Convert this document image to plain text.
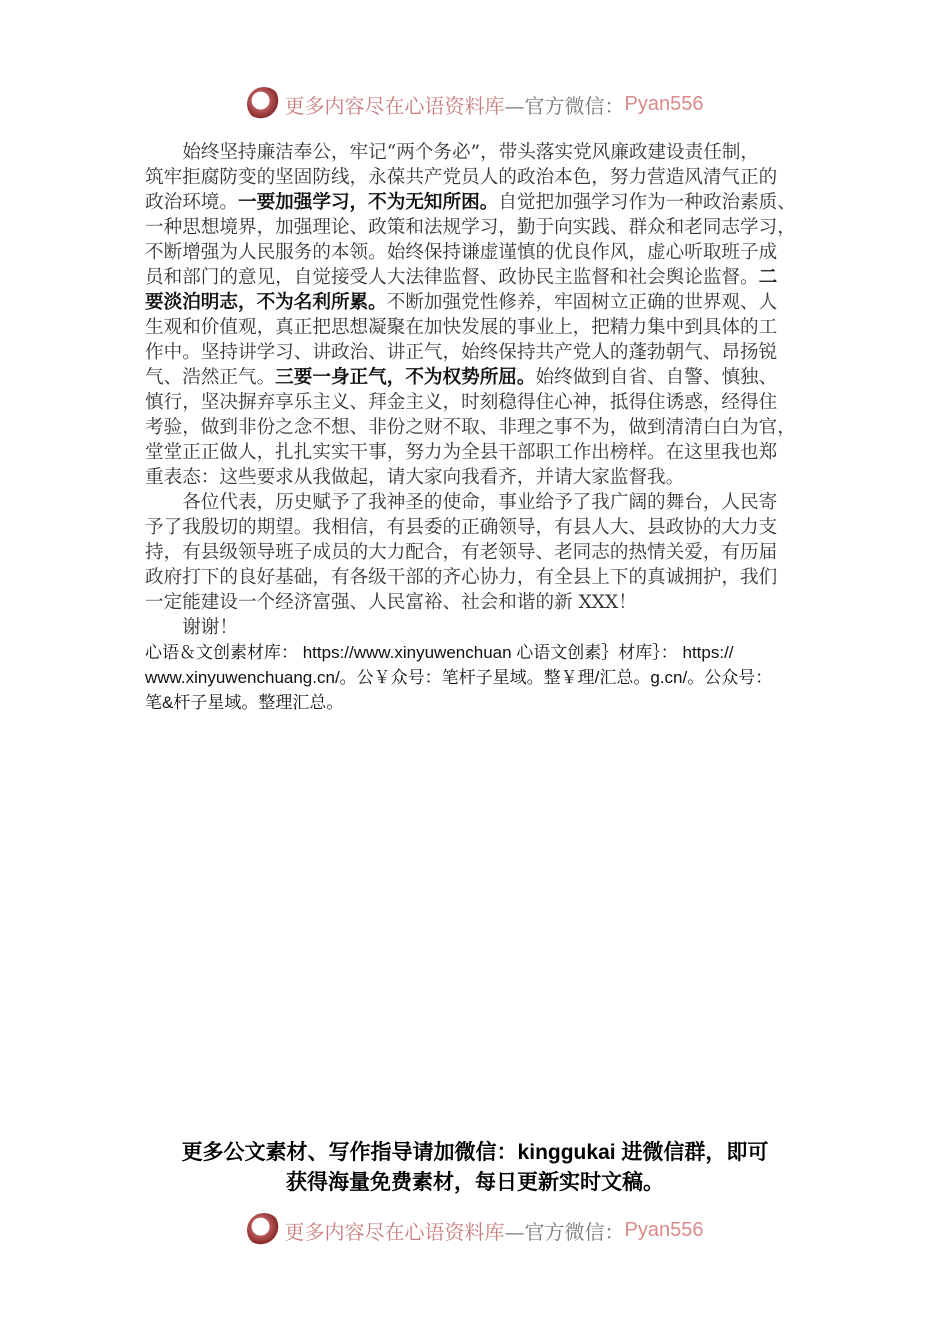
更多内容尽在心语资料库 —官方微信： Pyan556
　　始终坚持廉洁奉公，牢记“两个务必”，带头落实党风廉政建设责任制，
筑牢拒腐防变的坚固防线，永葆共产党员人的政治本色，努力营造风清气正的
政治环境。一要加强学习，不为无知所困。自觉把加强学习作为一种政治素质、
一种思想境界，加强理论、政策和法规学习，勤于向实践、群众和老同志学习，
不断增强为人民服务的本领。始终保持谦虚谨慎的优良作风，虚心听取班子成
员和部门的意见，自觉接受人大法律监督、政协民主监督和社会舆论监督。二
要淡泊明志，不为名利所累。不断加强党性修养，牢固树立正确的世界观、人
生观和价值观，真正把思想凝聚在加快发展的事业上，把精力集中到具体的工
作中。坚持讲学习、讲政治、讲正气，始终保持共产党人的蓬勃朝气、昂扬锐
气、浩然正气。三要一身正气，不为权势所屈。始终做到自省、自警、慎独、
慎行，坚决摒弃享乐主义、拜金主义，时刻稳得住心神，抵得住诱惑，经得住
考验，做到非份之念不想、非份之财不取、非理之事不为，做到清清白白为官，
堂堂正正做人，扎扎实实干事，努力为全县干部职工作出榜样。在这里我也郑
重表态：这些要求从我做起，请大家向我看齐，并请大家监督我。
　　各位代表，历史赋予了我神圣的使命，事业给予了我广阔的舞台，人民寄
予了我殷切的期望。我相信，有县委的正确领导，有县人大、县政协的大力支
持，有县级领导班子成员的大力配合，有老领导、老同志的热情关爱，有历届
政府打下的良好基础，有各级干部的齐心协力，有全县上下的真诚拥护，我们
一定能建设一个经济富强、人民富裕、社会和谐的新 XXX！
　　谢谢！
心语＆文创素材库： https://www.xinyuwenchuan 心语文创素｝材库｝： https://
www.xinyuwenchuang.cn/。公￥众号：笔杆子星域。整￥理/汇总。g.cn/。公众号：
笔&杆子星域。整理汇总。
更多公文素材、写作指导请加微信：kinggukai 进微信群，即可
获得海量免费素材，每日更新实时文稿。
更多内容尽在心语资料库 —官方微信： Pyan556
